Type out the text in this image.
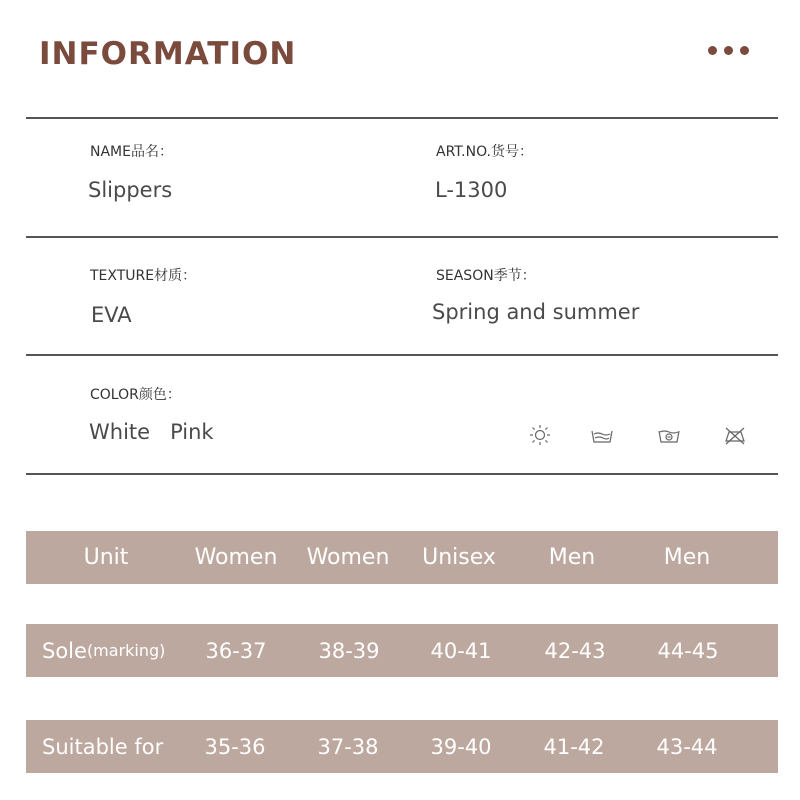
INFORMATION
NAME品名：
Slippers
ART.NO.货号：
L-1300
TEXTURE材质：
EVA
SEASON季节：
Spring and summer
COLOR颜色：
White   Pink
Unit	Women	Women	Unisex	Men	Men
Sole (marking)	36-37	38-39	40-41	42-43	44-45
Suitable for	35-36	37-38	39-40	41-42	43-44
